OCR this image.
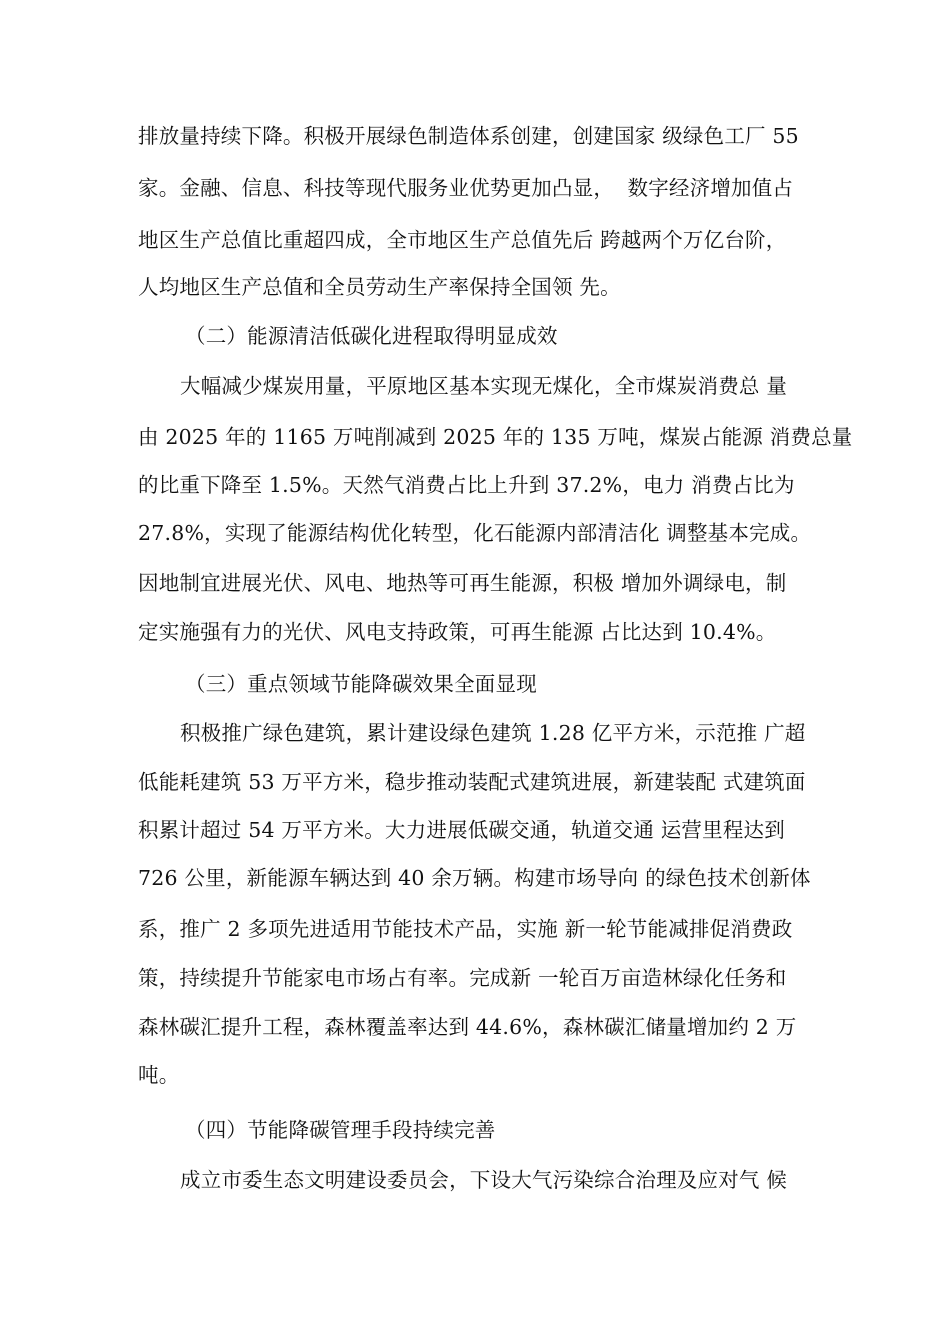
排放量持续下降。积极开展绿色制造体系创建，创建国家 级绿色工厂 55
家。金融、信息、科技等现代服务业优势更加凸显，  数字经济增加值占
地区生产总值比重超四成，全市地区生产总值先后 跨越两个万亿台阶，
人均地区生产总值和全员劳动生产率保持全国领 先。
（二）能源清洁低碳化进程取得明显成效
大幅减少煤炭用量，平原地区基本实现无煤化，全市煤炭消费总 量
由 2025 年的 1165 万吨削减到 2025 年的 135 万吨，煤炭占能源 消费总量
的比重下降至 1.5%。天然气消费占比上升到 37.2%，电力 消费占比为
27.8%，实现了能源结构优化转型，化石能源内部清洁化 调整基本完成。
因地制宜进展光伏、风电、地热等可再生能源，积极 增加外调绿电，制
定实施强有力的光伏、风电支持政策，可再生能源 占比达到 10.4%。
（三）重点领域节能降碳效果全面显现
积极推广绿色建筑，累计建设绿色建筑 1.28 亿平方米，示范推 广超
低能耗建筑 53 万平方米，稳步推动装配式建筑进展，新建装配 式建筑面
积累计超过 54 万平方米。大力进展低碳交通，轨道交通 运营里程达到
726 公里，新能源车辆达到 40 余万辆。构建市场导向 的绿色技术创新体
系，推广 2 多项先进适用节能技术产品，实施 新一轮节能减排促消费政
策，持续提升节能家电市场占有率。完成新 一轮百万亩造林绿化任务和
森林碳汇提升工程，森林覆盖率达到 44.6%，森林碳汇储量增加约 2 万
吨。
（四）节能降碳管理手段持续完善
成立市委生态文明建设委员会，下设大气污染综合治理及应对气 候
